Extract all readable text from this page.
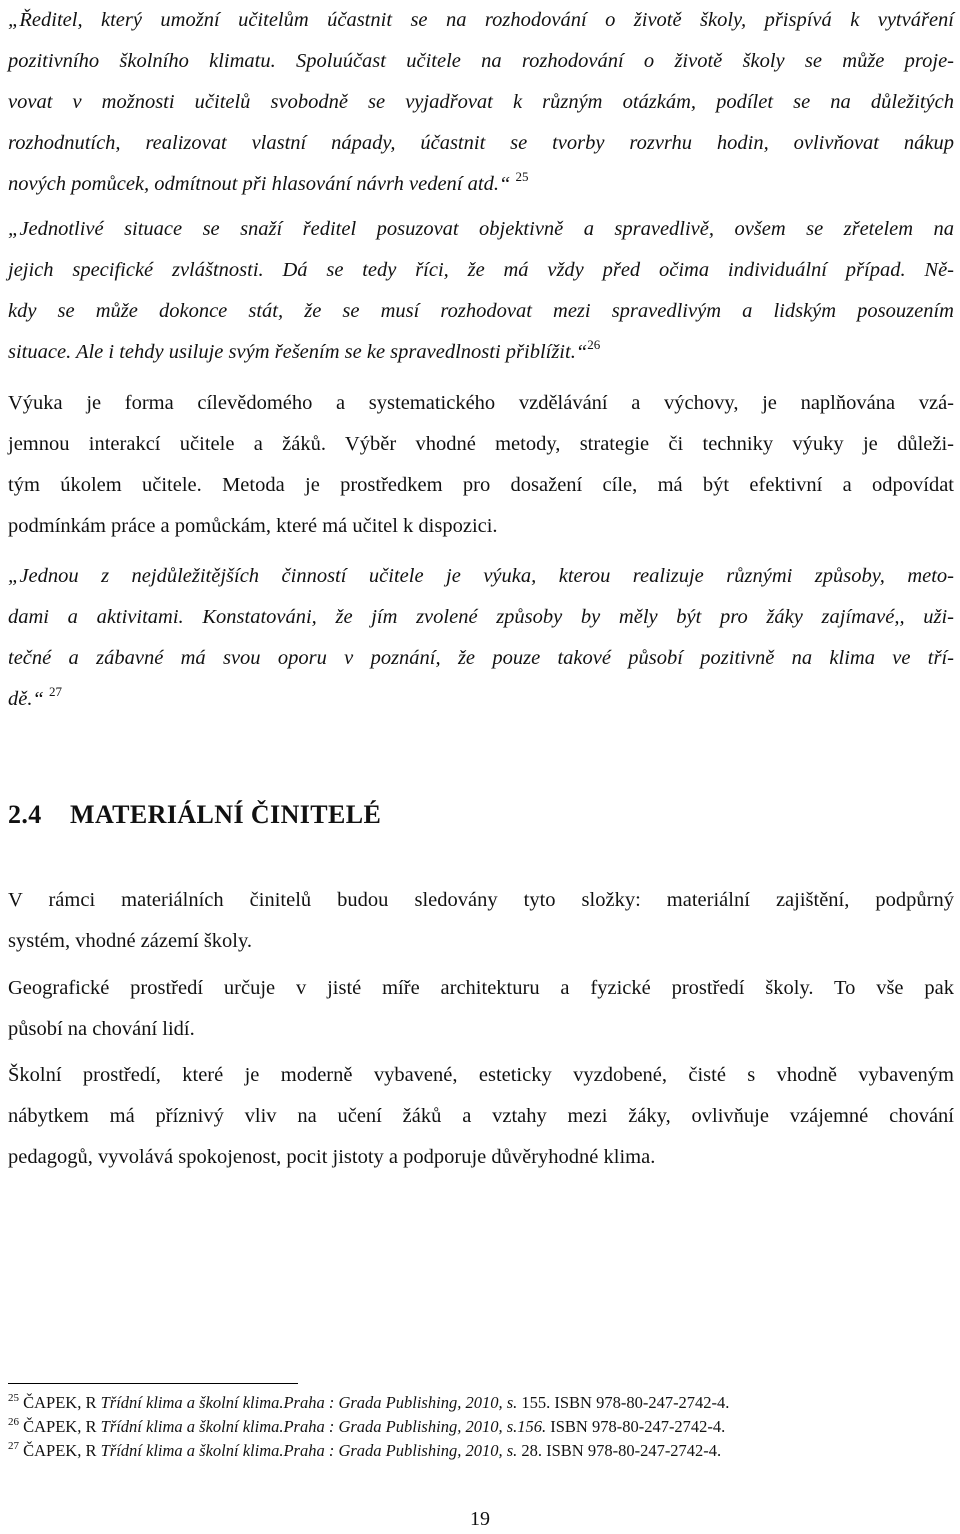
„Ředitel, který umožní učitelům účastnit se na rozhodování o životě školy, přispívá k vytváření
pozitivního školního klimatu. Spoluúčast učitele na rozhodování o životě školy se může proje-
vovat v možnosti učitelů svobodně se vyjadřovat k různým otázkám, podílet se na důležitých
rozhodnutích, realizovat vlastní nápady, účastnit se tvorby rozvrhu hodin, ovlivňovat nákup
nových pomůcek, odmítnout při hlasování návrh vedení atd.“ $^{25}$
„Jednotlivé situace se snaží ředitel posuzovat objektivně a spravedlivě, ovšem se zřetelem na
jejich specifické zvláštnosti. Dá se tedy říci, že má vždy před očima individuální případ. Ně-
kdy se může dokonce stát, že se musí rozhodovat mezi spravedlivým a lidským posouzením
situace. Ale i tehdy usiluje svým řešením se ke spravedlnosti přiblížit.“$^{26}$
Výuka je forma cílevědomého a systematického vzdělávání a výchovy, je naplňována vzá-
jemnou interakcí učitele a žáků. Výběr vhodné metody, strategie či techniky výuky je důleži-
tým úkolem učitele. Metoda je prostředkem pro dosažení cíle, má být efektivní a odpovídat
podmínkám práce a pomůckám, které má učitel k dispozici.
„Jednou z nejdůležitějších činností učitele je výuka, kterou realizuje různými způsoby, meto-
dami a aktivitami. Konstatováni, že jím zvolené způsoby by měly být pro žáky zajímavé,, uži-
tečné a zábavné má svou oporu v poznání, že pouze takové působí pozitivně na klima ve tří-
dě.“ $^{27}$
2.4 MATERIÁLNÍ ČINITELÉ
V rámci materiálních činitelů budou sledovány tyto složky: materiální zajištění, podpůrný
systém, vhodné zázemí školy.
Geografické prostředí určuje v jisté míře architekturu a fyzické prostředí školy. To vše pak
působí na chování lidí.
Školní prostředí, které je moderně vybavené, esteticky vyzdobené, čisté s vhodně vybaveným
nábytkem má příznivý vliv na učení žáků a vztahy mezi žáky, ovlivňuje vzájemné chování
pedagogů, vyvolává spokojenost, pocit jistoty a podporuje důvěryhodné klima.
$^{25}$ ČAPEK, R Třídní klima a školní klima.Praha : Grada Publishing, 2010, s. 155. ISBN 978-80-247-2742-4.
$^{26}$ ČAPEK, R Třídní klima a školní klima.Praha : Grada Publishing, 2010, s.156. ISBN 978-80-247-2742-4.
$^{27}$ ČAPEK, R Třídní klima a školní klima.Praha : Grada Publishing, 2010, s. 28. ISBN 978-80-247-2742-4.
19
